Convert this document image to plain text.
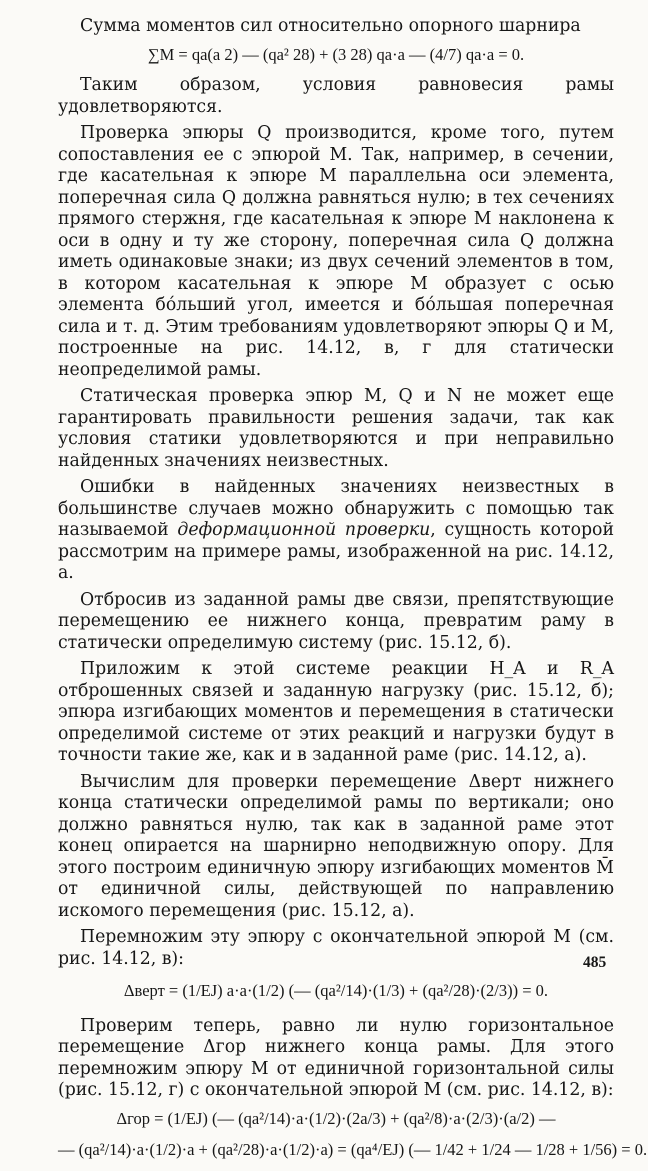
Сумма моментов сил относительно опорного шарнира

∑M = qa(a 2) — (qa² 28) + (3 28) qa·a — (4/7) qa·a = 0.

Таким образом, условия равновесия рамы удовлетворяются.

Проверка эпюры Q производится, кроме того, путем сопоставления ее с эпюрой M. Так, например, в сечении, где касательная к эпюре M параллельна оси элемента, поперечная сила Q должна равняться нулю; в тех сечениях прямого стержня, где касательная к эпюре M наклонена к оси в одну и ту же сторону, поперечная сила Q должна иметь одинаковые знаки; из двух сечений элементов в том, в котором касательная к эпюре M образует с осью элемента бо́льший угол, имеется и бо́льшая поперечная сила и т. д. Этим требованиям удовлетворяют эпюры Q и M, построенные на рис. 14.12, в, г для статически неопределимой рамы.

Статическая проверка эпюр M, Q и N не может еще гарантировать правильности решения задачи, так как условия статики удовлетворяются и при неправильно найденных значениях неизвестных.

Ошибки в найденных значениях неизвестных в большинстве случаев можно обнаружить с помощью так называемой деформационной проверки, сущность которой рассмотрим на примере рамы, изображенной на рис. 14.12, а.

Отбросив из заданной рамы две связи, препятствующие перемещению ее нижнего конца, превратим раму в статически определимую систему (рис. 15.12, б).

Приложим к этой системе реакции H_A и R_A отброшенных связей и заданную нагрузку (рис. 15.12, б); эпюра изгибающих моментов и перемещения в статически определимой системе от этих реакций и нагрузки будут в точности такие же, как и в заданной раме (рис. 14.12, а).

Вычислим для проверки перемещение Δверт нижнего конца статически определимой рамы по вертикали; оно должно равняться нулю, так как в заданной раме этот конец опирается на шарнирно неподвижную опору. Для этого построим единичную эпюру изгибающих моментов M̄ от единичной силы, действующей по направлению искомого перемещения (рис. 15.12, а).

Перемножим эту эпюру с окончательной эпюрой M (см. рис. 14.12, в):

Δверт = (1/EJ) a·a·(1/2) (— (qa²/14)·(1/3) + (qa²/28)·(2/3)) = 0.

Проверим теперь, равно ли нулю горизонтальное перемещение Δгор нижнего конца рамы. Для этого перемножим эпюру M от единичной горизонтальной силы (рис. 15.12, г) с окончательной эпюрой M (см. рис. 14.12, в):

Δгор = (1/EJ) (— (qa²/14)·a·(1/2)·(2a/3) + (qa²/8)·a·(2/3)·(a/2) —
— (qa²/14)·a·(1/2)·a + (qa²/28)·a·(1/2)·a) = (qa⁴/EJ) (— 1/42 + 1/24 — 1/28 + 1/56) = 0.
485
